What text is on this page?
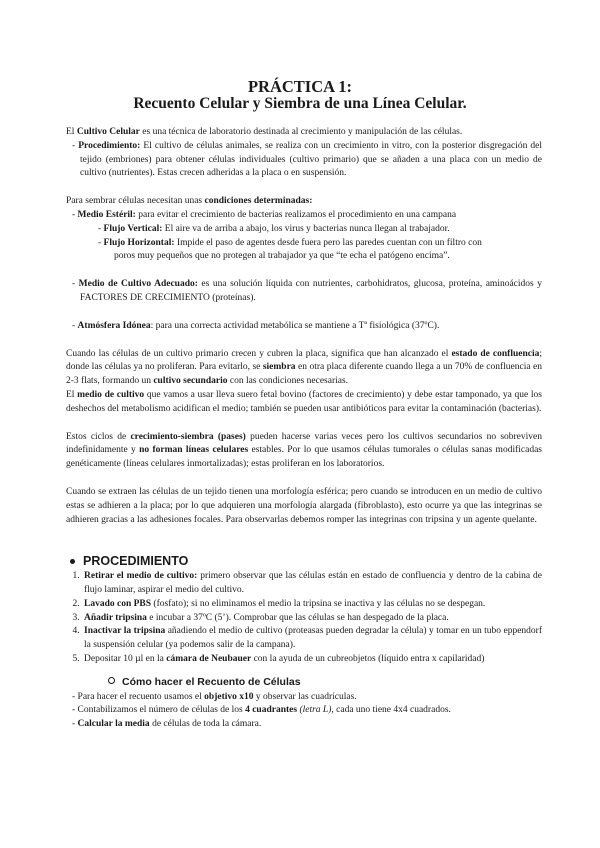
PRÁCTICA 1:
Recuento Celular y Siembra de una Línea Celular.

El Cultivo Celular es una técnica de laboratorio destinada al crecimiento y manipulación de las células.

- Procedimiento: El cultivo de células animales, se realiza con un crecimiento in vitro, con la posterior disgregación del tejido (embriones) para obtener células individuales (cultivo primario) que se añaden a una placa con un medio de cultivo (nutrientes). Estas crecen adheridas a la placa o en suspensión.

Para sembrar células necesitan unas condiciones determinadas:

- Medio Estéril: para evitar el crecimiento de bacterias realizamos el procedimiento en una campana

- Flujo Vertical: El aire va de arriba a abajo, los virus y bacterias nunca llegan al trabajador.

- Flujo Horizontal: Impide el paso de agentes desde fuera pero las paredes cuentan con un filtro con

poros muy pequeños que no protegen al trabajador ya que “te echa el patógeno encima”.

- Medio de Cultivo Adecuado: es una solución líquida con nutrientes, carbohidratos, glucosa, proteína, aminoácidos y FACTORES DE CRECIMIENTO (proteínas).

- Atmósfera Idónea: para una correcta actividad metabólica se mantiene a Tª fisiológica (37ºC).

Cuando las células de un cultivo primario crecen y cubren la placa, significa que han alcanzado el estado de confluencia; donde las células ya no proliferan. Para evitarlo, se siembra en otra placa diferente cuando llega a un 70% de confluencia en 2-3 flats, formando un cultivo secundario con las condiciones necesarias.

El medio de cultivo que vamos a usar lleva suero fetal bovino (factores de crecimiento) y debe estar tamponado, ya que los deshechos del metabolismo acidifican el medio; también se pueden usar antibióticos para evitar la contaminación (bacterias).

Estos ciclos de crecimiento-siembra (pases) pueden hacerse varias veces pero los cultivos secundarios no sobreviven indefinidamente y no forman líneas celulares estables. Por lo que usamos células tumorales o células sanas modificadas genéticamente (líneas celulares inmortalizadas); estas proliferan en los laboratorios.

Cuando se extraen las células de un tejido tienen una morfología esférica; pero cuando se introducen en un medio de cultivo estas se adhieren a la placa; por lo que adquieren una morfología alargada (fibroblasto), esto ocurre ya que las integrinas se adhieren gracias a las adhesiones focales. Para observarlas debemos romper las integrinas con tripsina y un agente quelante.

PROCEDIMIENTO
1. Retirar el medio de cultivo: primero observar que las células están en estado de confluencia y dentro de la cabina de flujo laminar, aspirar el medio del cultivo.
2. Lavado con PBS (fosfato); si no eliminamos el medio la tripsina se inactiva y las células no se despegan.
3. Añadir tripsina e incubar a 37ºC (5’). Comprobar que las células se han despegado de la placa.
4. Inactivar la tripsina añadiendo el medio de cultivo (proteasas pueden degradar la célula) y tomar en un tubo eppendorf la suspensión celular (ya podemos salir de la campana).
5. Depositar 10 µl en la cámara de Neubauer con la ayuda de un cubreobjetos (líquido entra x capilaridad)
Cómo hacer el Recuento de Células

- Para hacer el recuento usamos el objetivo x10 y observar las cuadrículas.

- Contabilizamos el número de células de los 4 cuadrantes (letra L), cada uno tiene 4x4 cuadrados.

- Calcular la media de células de toda la cámara.
